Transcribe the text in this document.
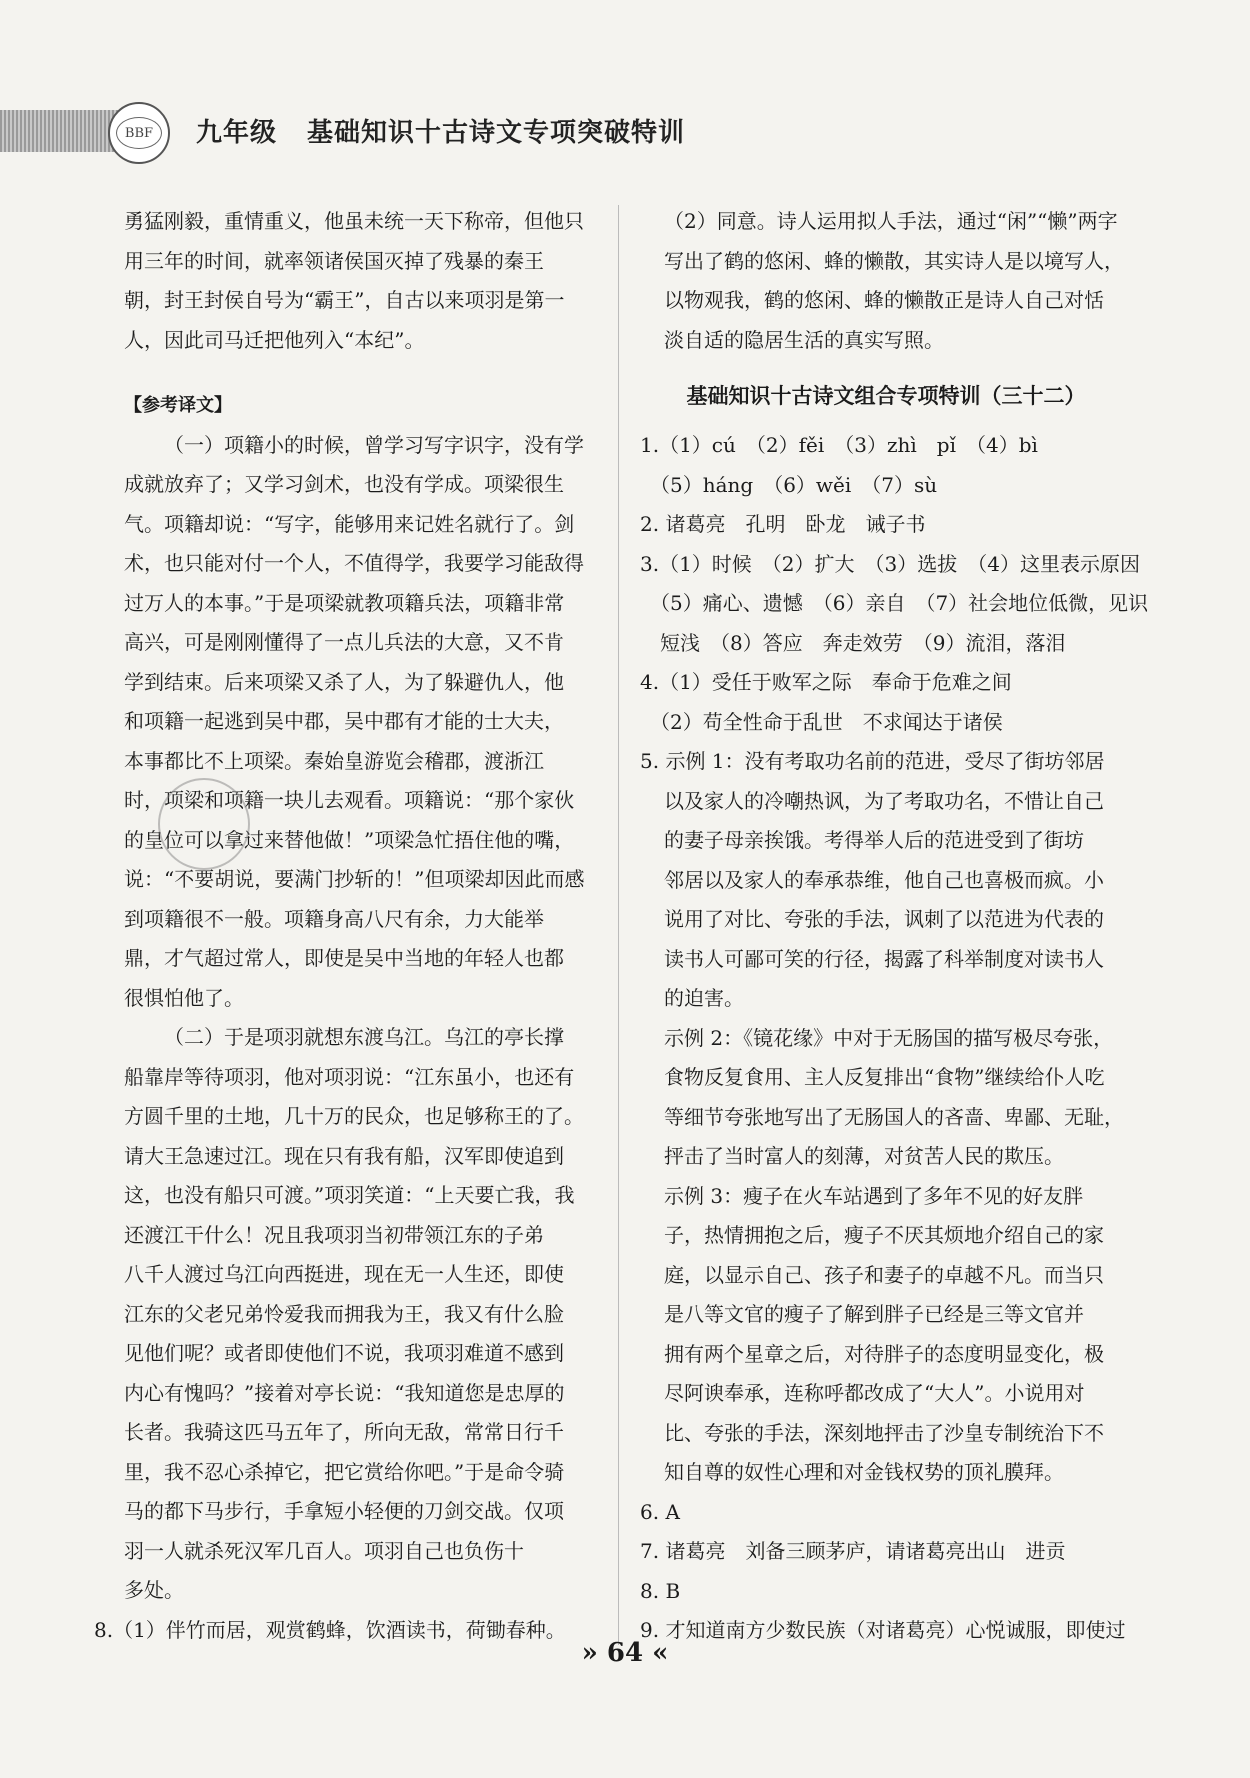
BBF 九年级 基础知识十古诗文专项突破特训
勇猛刚毅，重情重义，他虽未统一天下称帝，但他只
用三年的时间，就率领诸侯国灭掉了残暴的秦王
朝，封王封侯自号为“霸王”，自古以来项羽是第一
人，因此司马迁把他列入“本纪”。
【参考译文】
（一）项籍小的时候，曾学习写字识字，没有学
成就放弃了；又学习剑术，也没有学成。项梁很生
气。项籍却说：“写字，能够用来记姓名就行了。剑
术，也只能对付一个人，不值得学，我要学习能敌得
过万人的本事。”于是项梁就教项籍兵法，项籍非常
高兴，可是刚刚懂得了一点儿兵法的大意，又不肯
学到结束。后来项梁又杀了人，为了躲避仇人，他
和项籍一起逃到吴中郡，吴中郡有才能的士大夫，
本事都比不上项梁。秦始皇游览会稽郡，渡浙江
时，项梁和项籍一块儿去观看。项籍说：“那个家伙
的皇位可以拿过来替他做！”项梁急忙捂住他的嘴，
说：“不要胡说，要满门抄斩的！”但项梁却因此而感
到项籍很不一般。项籍身高八尺有余，力大能举
鼎，才气超过常人，即使是吴中当地的年轻人也都
很惧怕他了。
（二）于是项羽就想东渡乌江。乌江的亭长撑
船靠岸等待项羽，他对项羽说：“江东虽小，也还有
方圆千里的土地，几十万的民众，也足够称王的了。
请大王急速过江。现在只有我有船，汉军即使追到
这，也没有船只可渡。”项羽笑道：“上天要亡我，我
还渡江干什么！况且我项羽当初带领江东的子弟
八千人渡过乌江向西挺进，现在无一人生还，即使
江东的父老兄弟怜爱我而拥我为王，我又有什么脸
见他们呢？或者即使他们不说，我项羽难道不感到
内心有愧吗？”接着对亭长说：“我知道您是忠厚的
长者。我骑这匹马五年了，所向无敌，常常日行千
里，我不忍心杀掉它，把它赏给你吧。”于是命令骑
马的都下马步行，手拿短小轻便的刀剑交战。仅项
羽一人就杀死汉军几百人。项羽自己也负伤十
多处。
8.（1）伴竹而居，观赏鹤蜂，饮酒读书，荷锄春种。
（2）同意。诗人运用拟人手法，通过“闲”“懒”两字
写出了鹤的悠闲、蜂的懒散，其实诗人是以境写人，
以物观我，鹤的悠闲、蜂的懒散正是诗人自己对恬
淡自适的隐居生活的真实写照。
基础知识十古诗文组合专项特训（三十二）
1.（1）cú　（2）fěi　（3）zhì　pǐ　（4）bì
　（5）háng　（6）wěi　（7）sù
2. 诸葛亮　孔明　卧龙　诫子书
3.（1）时候　（2）扩大　（3）选拔　（4）这里表示原因
　（5）痛心、遗憾　（6）亲自　（7）社会地位低微，见识
　短浅　（8）答应　奔走效劳　（9）流泪，落泪
4.（1）受任于败军之际　奉命于危难之间
　（2）苟全性命于乱世　不求闻达于诸侯
5. 示例 1：没有考取功名前的范进，受尽了街坊邻居
以及家人的冷嘲热讽，为了考取功名，不惜让自己
的妻子母亲挨饿。考得举人后的范进受到了街坊
邻居以及家人的奉承恭维，他自己也喜极而疯。小
说用了对比、夸张的手法，讽刺了以范进为代表的
读书人可鄙可笑的行径，揭露了科举制度对读书人
的迫害。
示例 2：《镜花缘》中对于无肠国的描写极尽夸张，
食物反复食用、主人反复排出“食物”继续给仆人吃
等细节夸张地写出了无肠国人的吝啬、卑鄙、无耻，
抨击了当时富人的刻薄，对贫苦人民的欺压。
示例 3：瘦子在火车站遇到了多年不见的好友胖
子，热情拥抱之后，瘦子不厌其烦地介绍自己的家
庭，以显示自己、孩子和妻子的卓越不凡。而当只
是八等文官的瘦子了解到胖子已经是三等文官并
拥有两个星章之后，对待胖子的态度明显变化，极
尽阿谀奉承，连称呼都改成了“大人”。小说用对
比、夸张的手法，深刻地抨击了沙皇专制统治下不
知自尊的奴性心理和对金钱权势的顶礼膜拜。
6. A
7. 诸葛亮　刘备三顾茅庐，请诸葛亮出山　进贡
8. B
9. 才知道南方少数民族（对诸葛亮）心悦诚服，即使过
» 64 «
